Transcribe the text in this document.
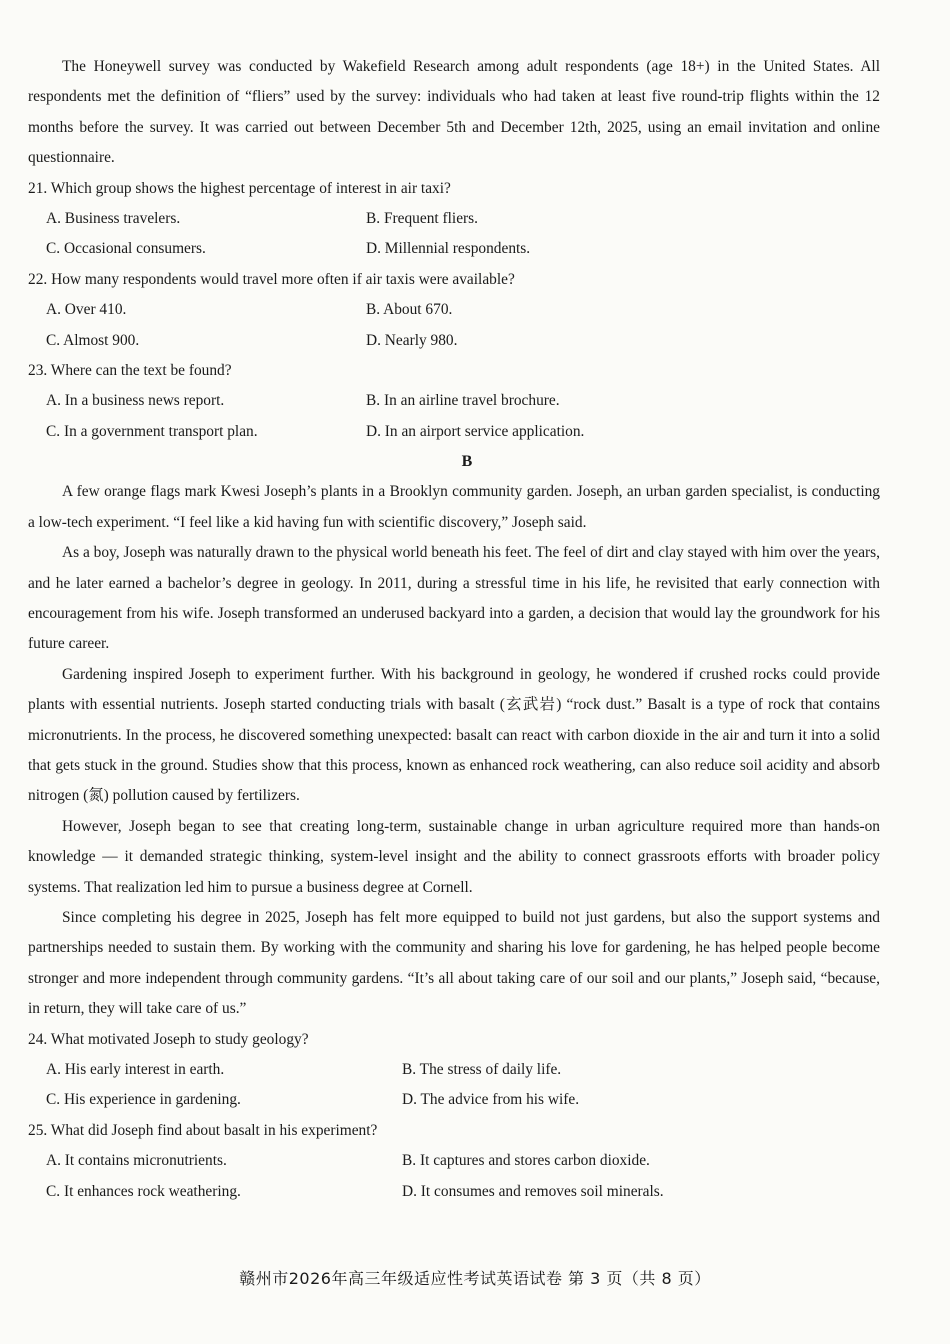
The Honeywell survey was conducted by Wakefield Research among adult respondents (age 18+) in the United States. All respondents met the definition of “fliers” used by the survey: individuals who had taken at least five round-trip flights within the 12 months before the survey. It was carried out between December 5th and December 12th, 2025, using an email invitation and online questionnaire.

21. Which group shows the highest percentage of interest in air taxi?

A. Business travelers.	B. Frequent fliers.
C. Occasional consumers.	D. Millennial respondents.

22. How many respondents would travel more often if air taxis were available?

A. Over 410.	B. About 670.
C. Almost 900.	D. Nearly 980.

23. Where can the text be found?

A. In a business news report.	B. In an airline travel brochure.
C. In a government transport plan.	D. In an airport service application.

B

A few orange flags mark Kwesi Joseph’s plants in a Brooklyn community garden. Joseph, an urban garden specialist, is conducting a low-tech experiment. “I feel like a kid having fun with scientific discovery,” Joseph said.

As a boy, Joseph was naturally drawn to the physical world beneath his feet. The feel of dirt and clay stayed with him over the years, and he later earned a bachelor’s degree in geology. In 2011, during a stressful time in his life, he revisited that early connection with encouragement from his wife. Joseph transformed an underused backyard into a garden, a decision that would lay the groundwork for his future career.

Gardening inspired Joseph to experiment further. With his background in geology, he wondered if crushed rocks could provide plants with essential nutrients. Joseph started conducting trials with basalt (玄武岩) “rock dust.” Basalt is a type of rock that contains micronutrients. In the process, he discovered something unexpected: basalt can react with carbon dioxide in the air and turn it into a solid that gets stuck in the ground. Studies show that this process, known as enhanced rock weathering, can also reduce soil acidity and absorb nitrogen (氮) pollution caused by fertilizers.

However, Joseph began to see that creating long-term, sustainable change in urban agriculture required more than hands-on knowledge — it demanded strategic thinking, system-level insight and the ability to connect grassroots efforts with broader policy systems. That realization led him to pursue a business degree at Cornell.

Since completing his degree in 2025, Joseph has felt more equipped to build not just gardens, but also the support systems and partnerships needed to sustain them. By working with the community and sharing his love for gardening, he has helped people become stronger and more independent through community gardens. “It’s all about taking care of our soil and our plants,” Joseph said, “because, in return, they will take care of us.”

24. What motivated Joseph to study geology?

A. His early interest in earth.	B. The stress of daily life.
C. His experience in gardening.	D. The advice from his wife.

25. What did Joseph find about basalt in his experiment?

A. It contains micronutrients.	B. It captures and stores carbon dioxide.
C. It enhances rock weathering.	D. It consumes and removes soil minerals.
赣州市2026年高三年级适应性考试英语试卷 第 3 页（共 8 页）
